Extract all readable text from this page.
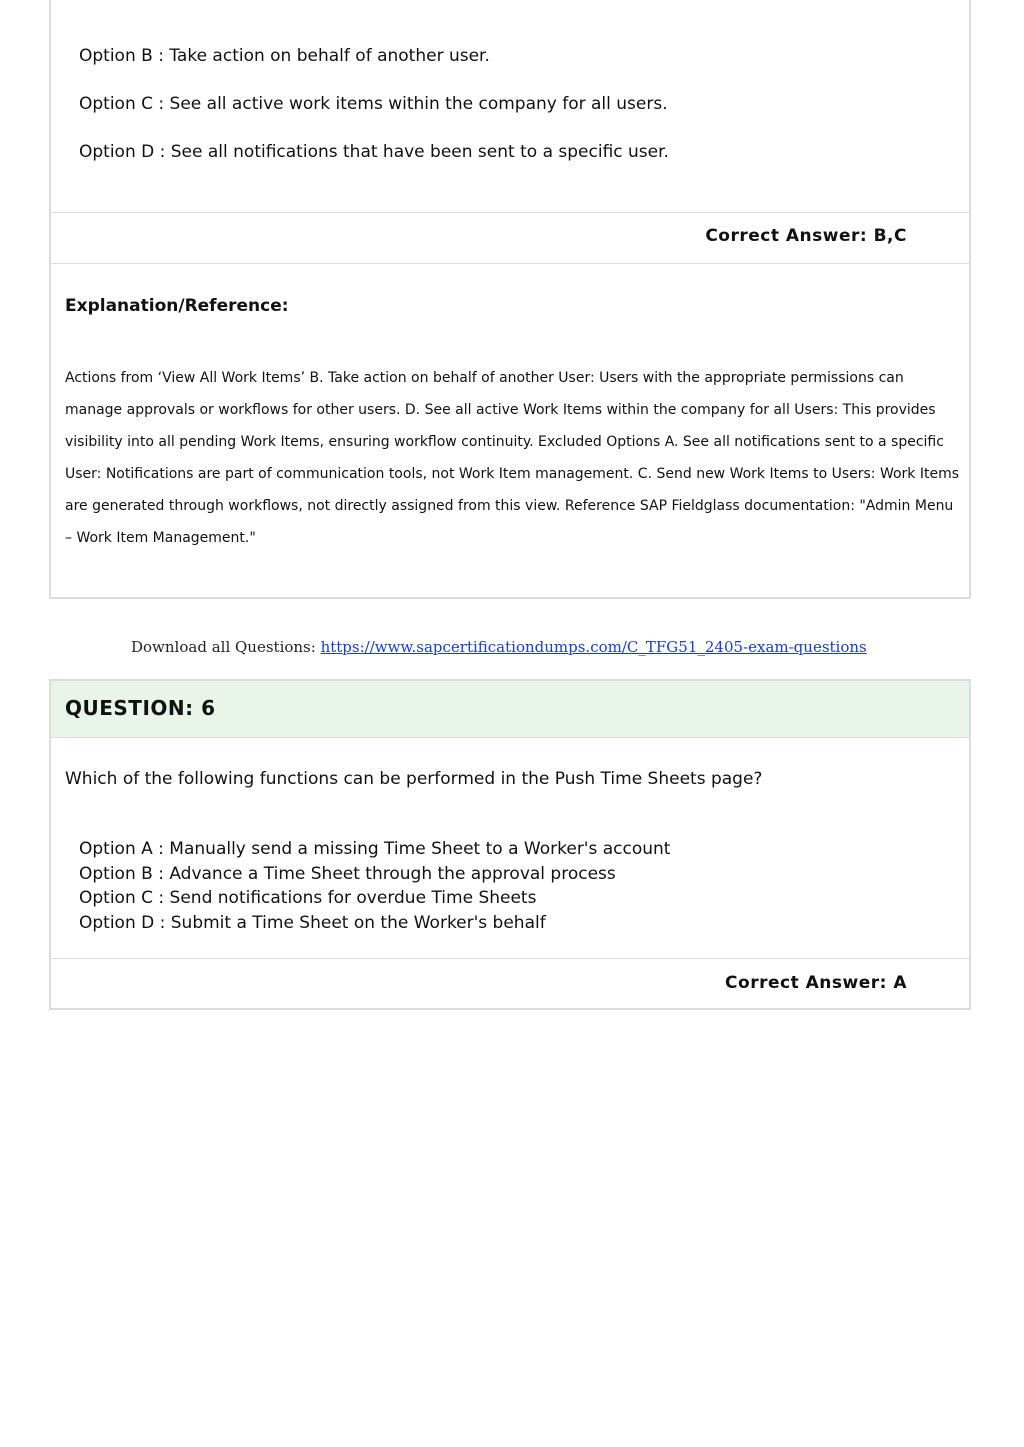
Option B : Take action on behalf of another user.
Option C : See all active work items within the company for all users.
Option D : See all notifications that have been sent to a specific user.
Correct Answer: B,C
Explanation/Reference:
Actions from ‘View All Work Items’ B. Take action on behalf of another User: Users with the appropriate permissions can manage approvals or workflows for other users. D. See all active Work Items within the company for all Users: This provides visibility into all pending Work Items, ensuring workflow continuity. Excluded Options A. See all notifications sent to a specific User: Notifications are part of communication tools, not Work Item management. C. Send new Work Items to Users: Work Items are generated through workflows, not directly assigned from this view. Reference SAP Fieldglass documentation: "Admin Menu – Work Item Management."
Download all Questions: https://www.sapcertificationdumps.com/C_TFG51_2405-exam-questions
QUESTION: 6
Which of the following functions can be performed in the Push Time Sheets page?
Option A : Manually send a missing Time Sheet to a Worker's account
Option B : Advance a Time Sheet through the approval process
Option C : Send notifications for overdue Time Sheets
Option D : Submit a Time Sheet on the Worker's behalf
Correct Answer: A
